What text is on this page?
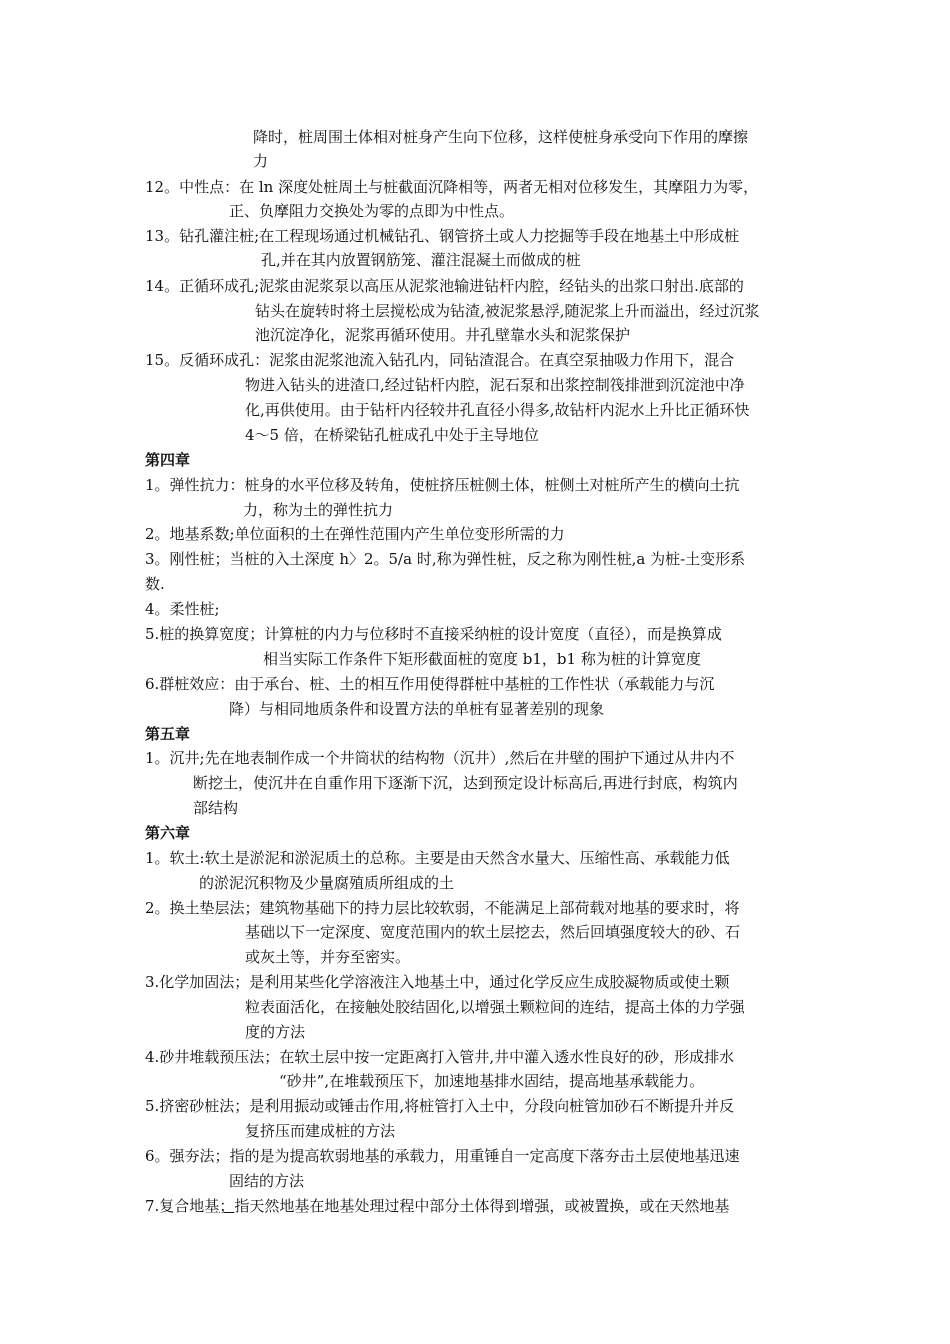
降时，桩周围土体相对桩身产生向下位移，这样使桩身承受向下作用的摩擦
力
12。中性点：在 ln 深度处桩周土与桩截面沉降相等，两者无相对位移发生，其摩阻力为零，
正、负摩阻力交换处为零的点即为中性点。
13。钻孔灌注桩;在工程现场通过机械钻孔、钢管挤土或人力挖掘等手段在地基土中形成桩
孔,并在其内放置钢筋笼、灌注混凝土而做成的桩
14。正循环成孔;泥浆由泥浆泵以高压从泥浆池输进钻杆内腔，经钻头的出浆口射出.底部的
钻头在旋转时将土层搅松成为钻渣,被泥浆悬浮,随泥浆上升而溢出，经过沉浆
池沉淀净化，泥浆再循环使用。井孔壁靠水头和泥浆保护
15。反循环成孔：泥浆由泥浆池流入钻孔内，同钻渣混合。在真空泵抽吸力作用下，混合
物进入钻头的进渣口,经过钻杆内腔，泥石泵和出浆控制筏排泄到沉淀池中净
化,再供使用。由于钻杆内径较井孔直径小得多,故钻杆内泥水上升比正循环快
4～5 倍，在桥梁钻孔桩成孔中处于主导地位
第四章
1。弹性抗力：桩身的水平位移及转角，使桩挤压桩侧土体，桩侧土对桩所产生的横向土抗
力，称为土的弹性抗力
2。地基系数;单位面积的土在弹性范围内产生单位变形所需的力
3。刚性桩；当桩的入土深度 h〉2。5/a 时,称为弹性桩，反之称为刚性桩,a 为桩-土变形系
数.
4。柔性桩;
5.桩的换算宽度；计算桩的内力与位移时不直接采纳桩的设计宽度（直径），而是换算成
相当实际工作条件下矩形截面桩的宽度 b1，b1 称为桩的计算宽度
6.群桩效应：由于承台、桩、土的相互作用使得群桩中基桩的工作性状（承载能力与沉
降）与相同地质条件和设置方法的单桩有显著差别的现象
第五章
1。沉井;先在地表制作成一个井筒状的结构物（沉井）,然后在井壁的围护下通过从井内不
断挖土，使沉井在自重作用下逐渐下沉，达到预定设计标高后,再进行封底，构筑内
部结构
第六章
1。软土:软土是淤泥和淤泥质土的总称。主要是由天然含水量大、压缩性高、承载能力低
的淤泥沉积物及少量腐殖质所组成的土
2。换土垫层法；建筑物基础下的持力层比较软弱，不能满足上部荷载对地基的要求时，将
基础以下一定深度、宽度范围内的软土层挖去，然后回填强度较大的砂、石
或灰土等，并夯至密实。
3.化学加固法；是利用某些化学溶液注入地基土中，通过化学反应生成胶凝物质或使土颗
粒表面活化，在接触处胶结固化,以增强土颗粒间的连结，提高土体的力学强
度的方法
4.砂井堆载预压法；在软土层中按一定距离打入管井,井中灌入透水性良好的砂，形成排水
“砂井”,在堆载预压下，加速地基排水固结，提高地基承载能力。
5.挤密砂桩法；是利用振动或锤击作用,将桩管打入土中，分段向桩管加砂石不断提升并反
复挤压而建成桩的方法
6。强夯法；指的是为提高软弱地基的承载力，用重锤自一定高度下落夯击土层使地基迅速
固结的方法
7.复合地基；指天然地基在地基处理过程中部分土体得到增强，或被置换，或在天然地基
